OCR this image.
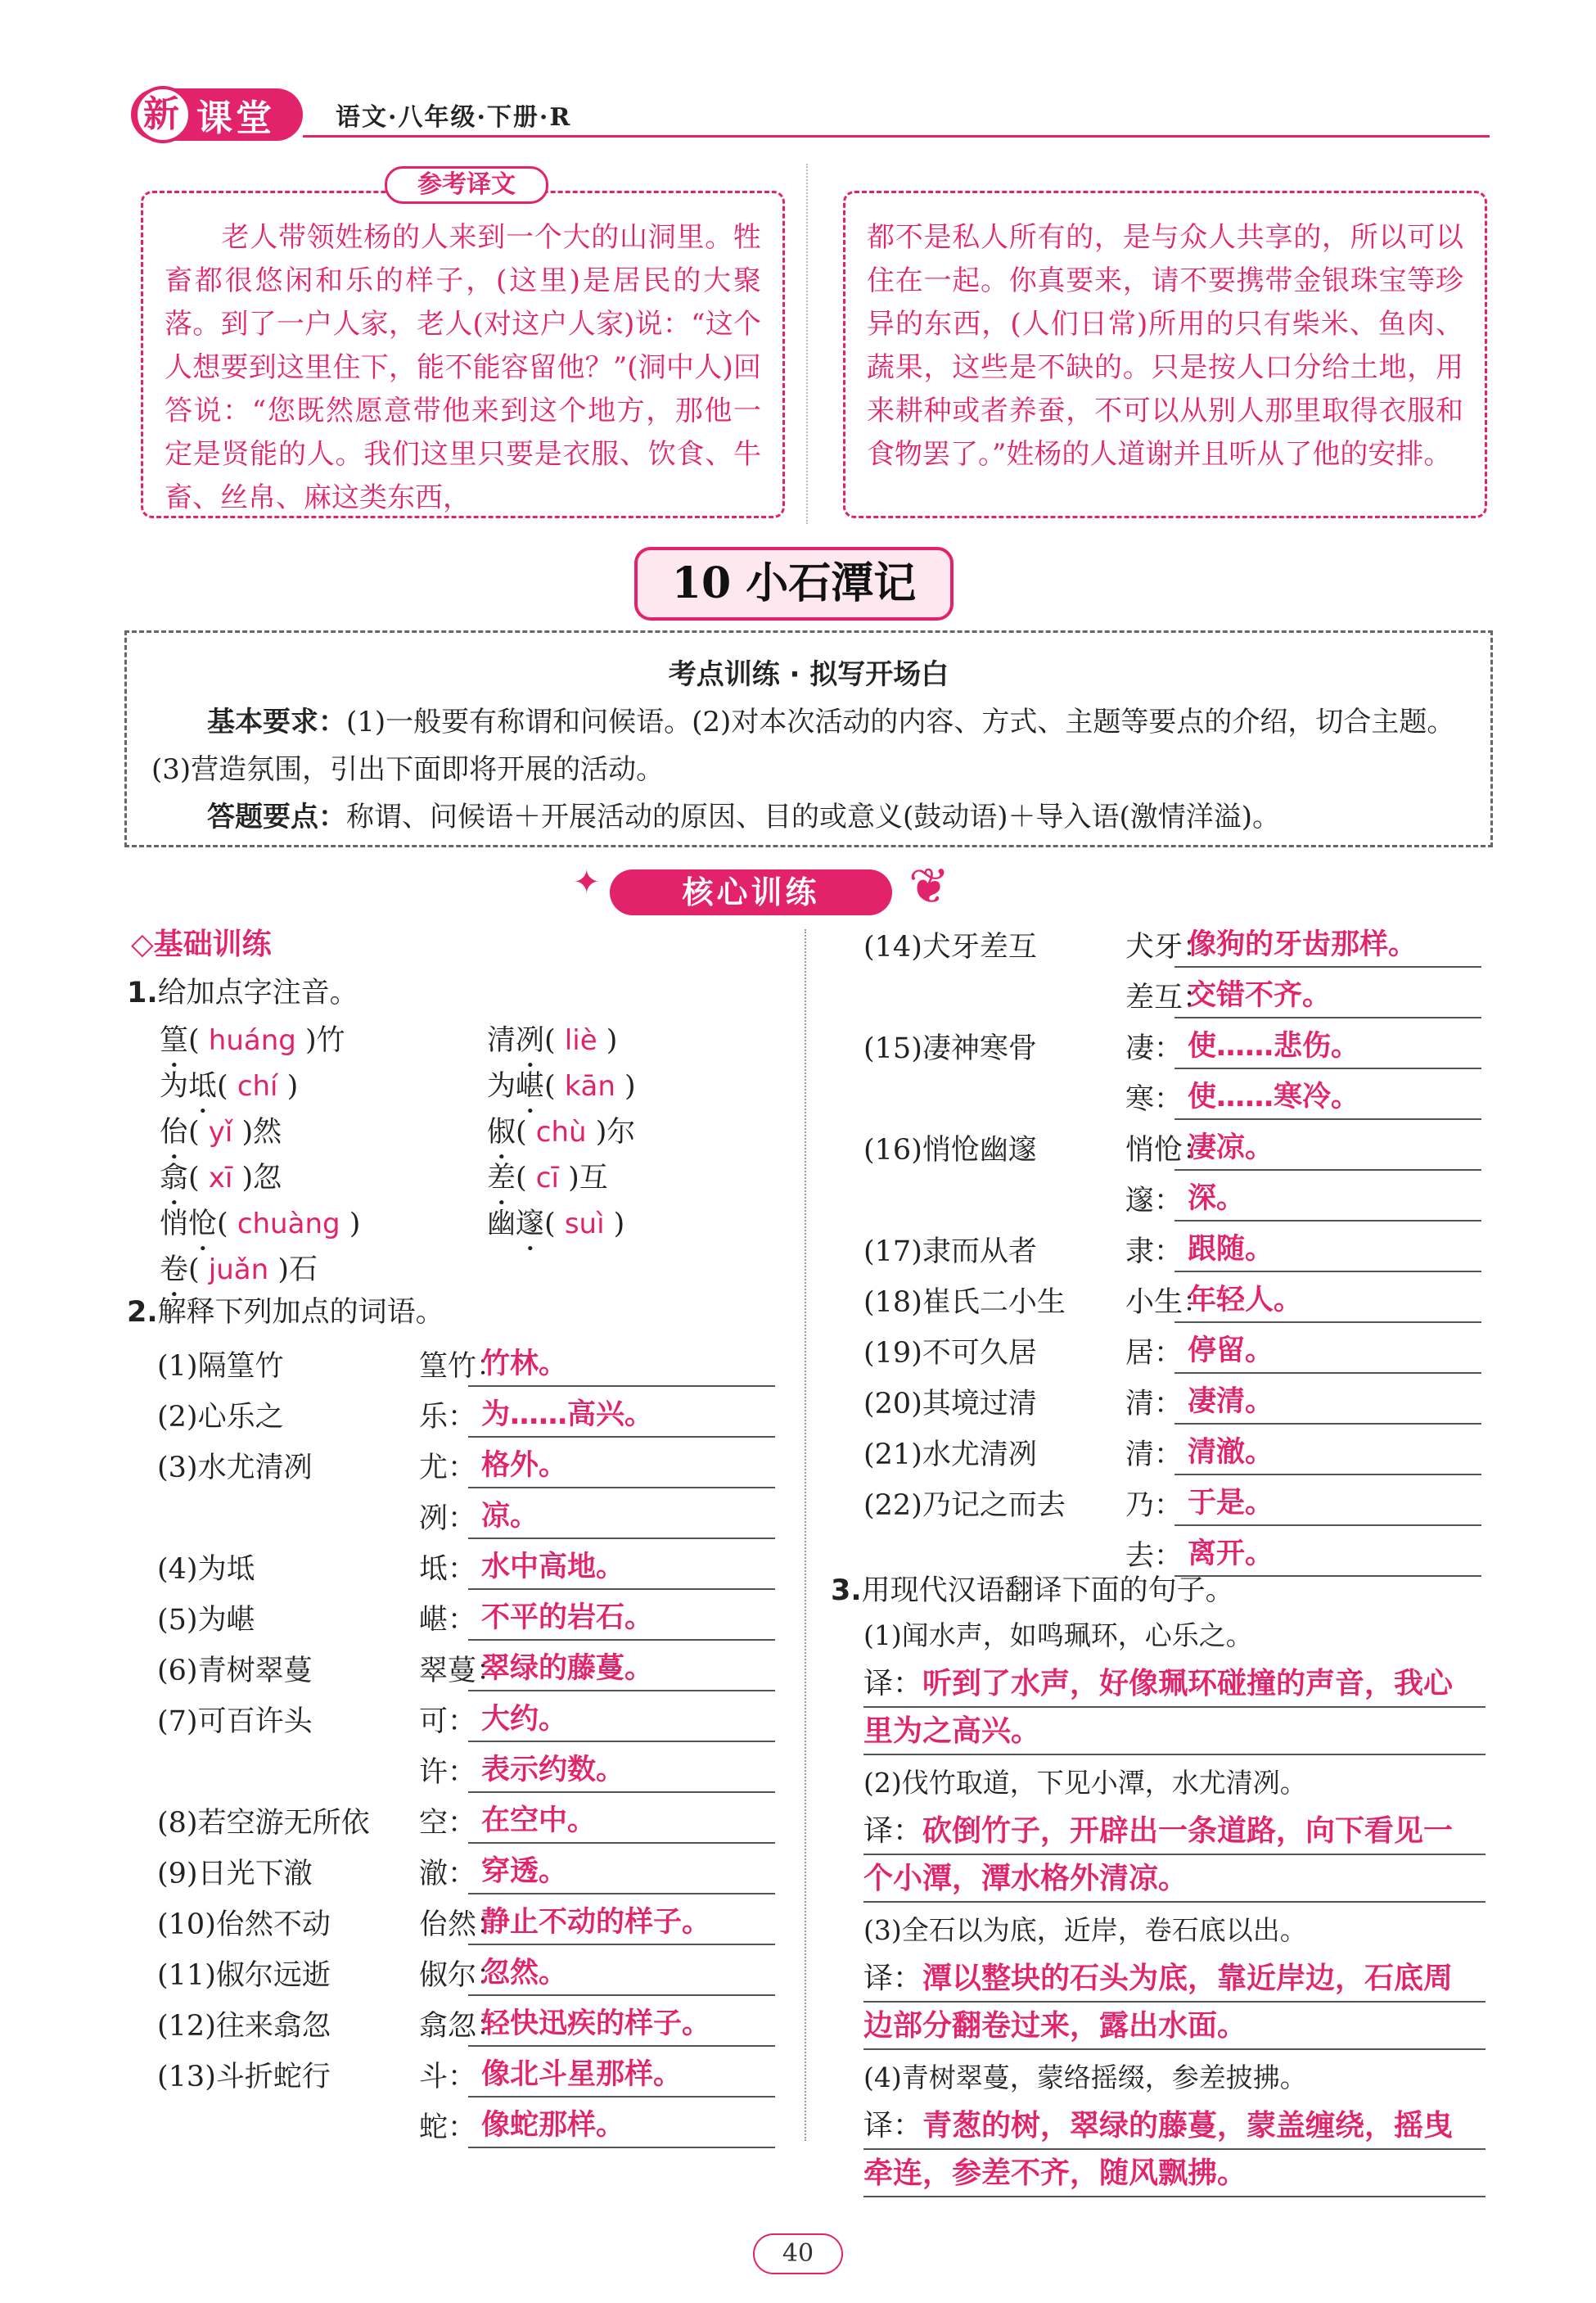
新 课堂 语文·八年级·下册·R
　　老人带领姓杨的人来到一个大的山洞里。牲畜都很悠闲和乐的样子，(这里)是居民的大聚落。到了一户人家，老人(对这户人家)说：“这个人想要到这里住下，能不能容留他？”(洞中人)回答说：“您既然愿意带他来到这个地方，那他一定是贤能的人。我们这里只要是衣服、饮食、牛畜、丝帛、麻这类东西，
都不是私人所有的，是与众人共享的，所以可以住在一起。你真要来，请不要携带金银珠宝等珍异的东西，(人们日常)所用的只有柴米、鱼肉、蔬果，这些是不缺的。只是按人口分给土地，用来耕种或者养蚕，不可以从别人那里取得衣服和食物罢了。”姓杨的人道谢并且听从了他的安排。
参考译文
10 小石潭记
考点训练 · 拟写开场白
基本要求：(1)一般要有称谓和问候语。(2)对本次活动的内容、方式、主题等要点的介绍，切合主题。(3)营造氛围，引出下面即将开展的活动。
答题要点：称谓、问候语＋开展活动的原因、目的或意义(鼓动语)＋导入语(激情洋溢)。
✦	核心训练	❦
◇基础训练
1.给加点字注音。
篁( huáng )竹	清冽( liè )
为坻( chí )	为嵁( kān )
佁( yǐ )然	俶( chù )尔
翕( xī )忽	差( cī )互
悄怆( chuàng )	幽邃( suì )
卷( juǎn )石
2.解释下列加点的词语。
(1)隔篁竹	篁竹：
竹林。
(2)心乐之	乐： 为……高兴。
(3)水尤清冽	尤： 格外。
冽： 凉。
(4)为坻	坻： 水中高地。
(5)为嵁	嵁： 不平的岩石。
(6)青树翠蔓	翠蔓：
翠绿的藤蔓。
(7)可百许头	可： 大约。
许： 表示约数。
(8)若空游无所依 空： 在空中。
(9)日光下澈	澈： 穿透。
(10)佁然不动	佁然：
静止不动的样子。
(11)俶尔远逝	俶尔：
忽然。
(12)往来翕忽	翕忽：
轻快迅疾的样子。
(13)斗折蛇行	斗： 像北斗星那样。
蛇： 像蛇那样。
(14)犬牙差互	犬牙：
像狗的牙齿那样。
差互：
交错不齐。
(15)凄神寒骨	凄： 使……悲伤。
寒： 使……寒冷。
(16)悄怆幽邃	悄怆：
凄凉。
邃： 深。
(17)隶而从者	隶： 跟随。
(18)崔氏二小生 小生：
年轻人。
(19)不可久居	居： 停留。
(20)其境过清	清： 凄清。
(21)水尤清冽	清： 清澈。
(22)乃记之而去 乃： 于是。
去： 离开。
3.用现代汉语翻译下面的句子。
(1)闻水声，如鸣珮环，心乐之。
译：听到了水声，好像珮环碰撞的声音，我心
里为之高兴。
(2)伐竹取道，下见小潭，水尤清冽。
译：砍倒竹子，开辟出一条道路，向下看见一
个小潭，潭水格外清凉。
(3)全石以为底，近岸，卷石底以出。
译：潭以整块的石头为底，靠近岸边，石底周
边部分翻卷过来，露出水面。
(4)青树翠蔓，蒙络摇缀，参差披拂。
译：青葱的树，翠绿的藤蔓，蒙盖缠绕，摇曳
牵连，参差不齐，随风飘拂。
40
